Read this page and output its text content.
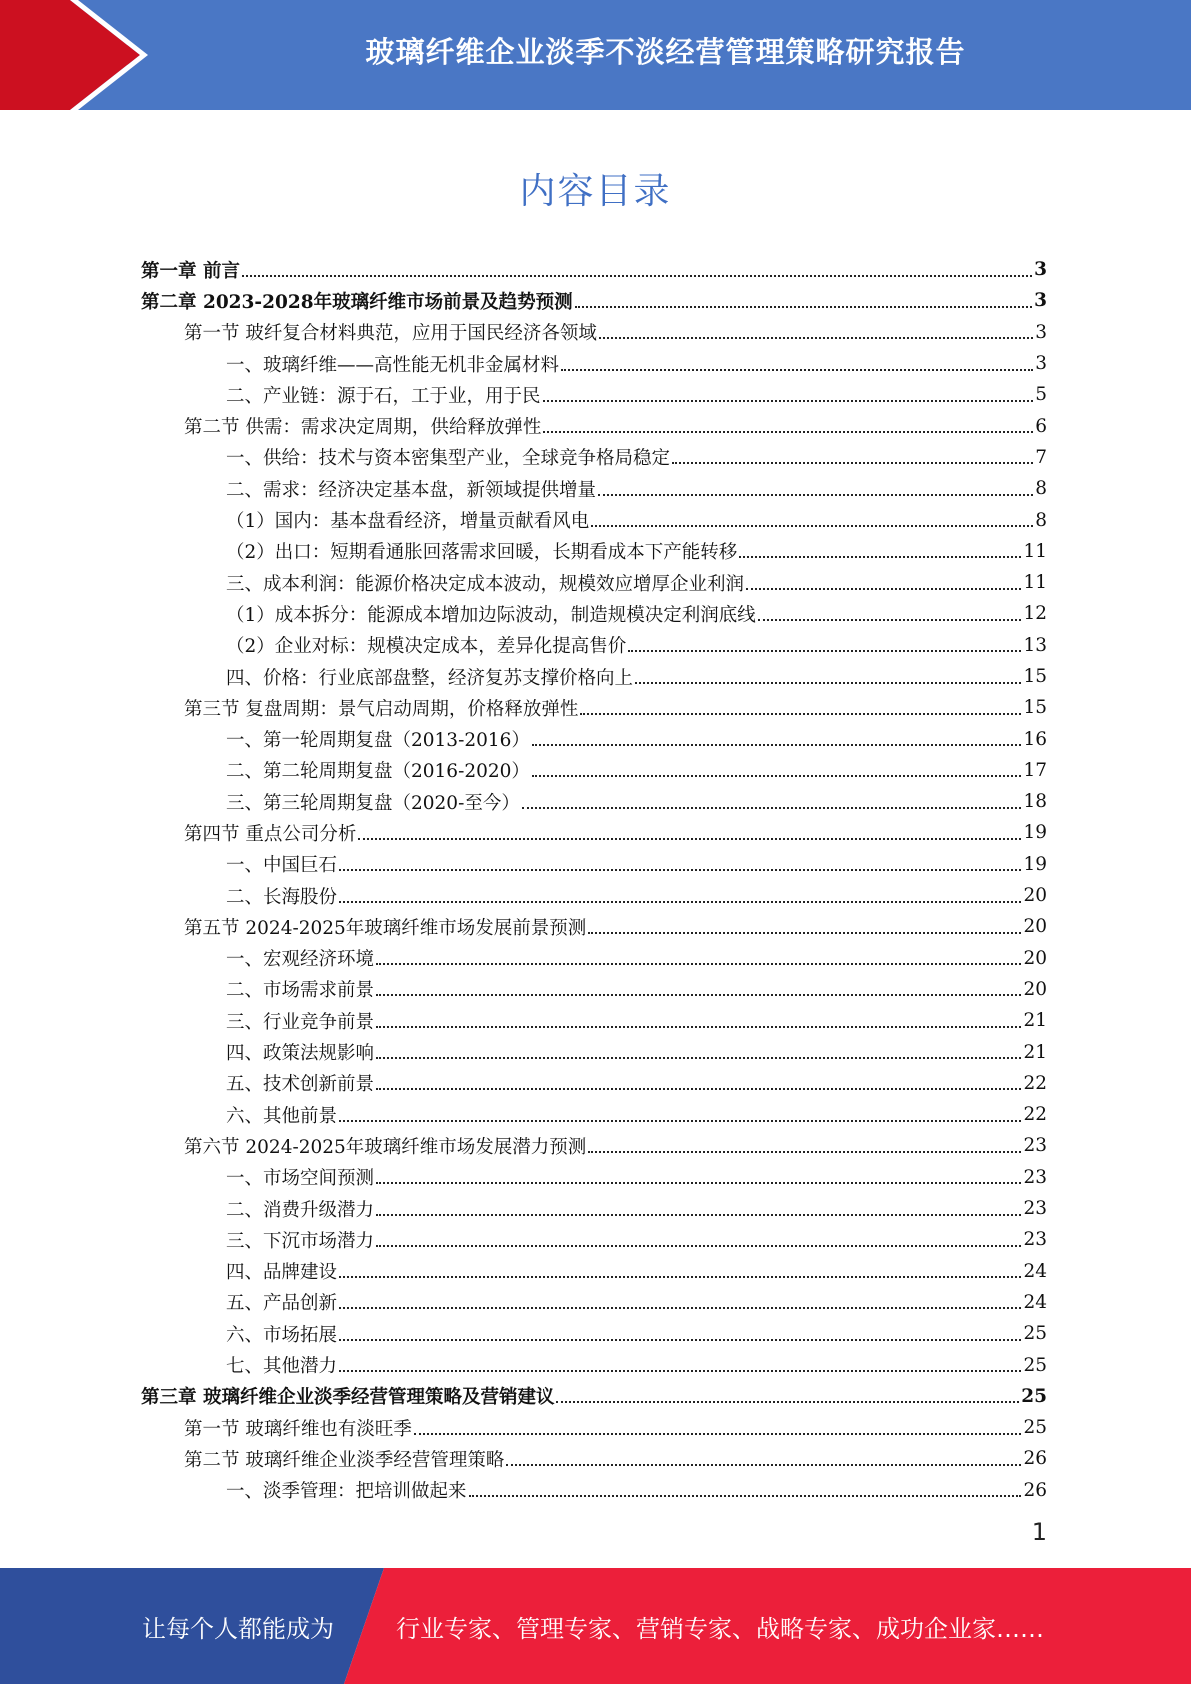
玻璃纤维企业淡季不淡经营管理策略研究报告
内容目录
第一章 前言	3
第二章 2023-2028年玻璃纤维市场前景及趋势预测	3
第一节 玻纤复合材料典范，应用于国民经济各领域	3
一、玻璃纤维——高性能无机非金属材料	3
二、产业链：源于石，工于业，用于民	5
第二节 供需：需求决定周期，供给释放弹性	6
一、供给：技术与资本密集型产业，全球竞争格局稳定	7
二、需求：经济决定基本盘，新领域提供增量	8
（1）国内：基本盘看经济，增量贡献看风电	8
（2）出口：短期看通胀回落需求回暖，长期看成本下产能转移	11
三、成本利润：能源价格决定成本波动，规模效应增厚企业利润	11
（1）成本拆分：能源成本增加边际波动，制造规模决定利润底线	12
（2）企业对标：规模决定成本，差异化提高售价	13
四、价格：行业底部盘整，经济复苏支撑价格向上	15
第三节 复盘周期：景气启动周期，价格释放弹性	15
一、第一轮周期复盘（2013-2016）	16
二、第二轮周期复盘（2016-2020）	17
三、第三轮周期复盘（2020-至今）	18
第四节 重点公司分析	19
一、中国巨石	19
二、长海股份	20
第五节 2024-2025年玻璃纤维市场发展前景预测	20
一、宏观经济环境	20
二、市场需求前景	20
三、行业竞争前景	21
四、政策法规影响	21
五、技术创新前景	22
六、其他前景	22
第六节 2024-2025年玻璃纤维市场发展潜力预测	23
一、市场空间预测	23
二、消费升级潜力	23
三、下沉市场潜力	23
四、品牌建设	24
五、产品创新	24
六、市场拓展	25
七、其他潜力	25
第三章 玻璃纤维企业淡季经营管理策略及营销建议	25
第一节 玻璃纤维也有淡旺季	25
第二节 玻璃纤维企业淡季经营管理策略	26
一、淡季管理：把培训做起来	26
1
让每个人都能成为	行业专家、管理专家、营销专家、战略专家、成功企业家……
